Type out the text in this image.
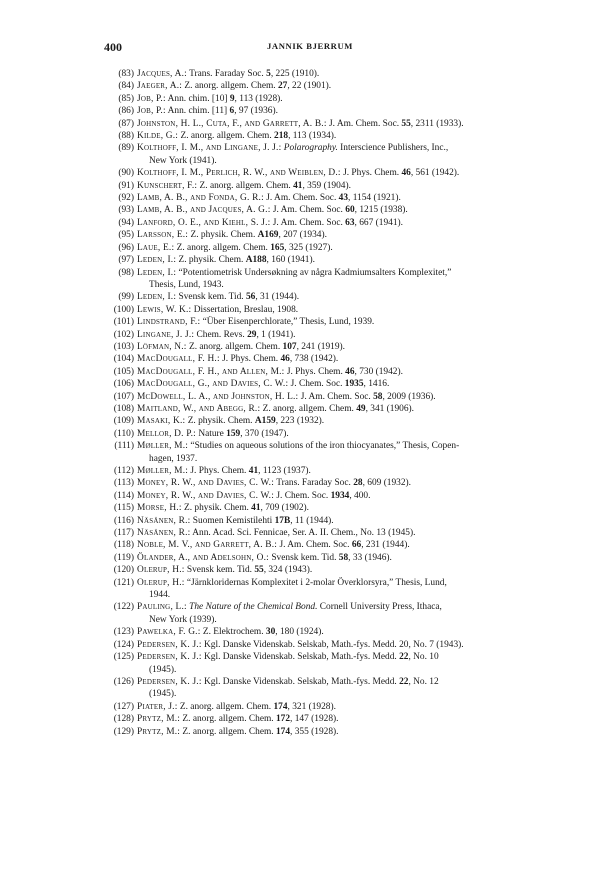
400	JANNIK BJERRUM
(83) Jacques, A.: Trans. Faraday Soc. 5, 225 (1910).
(84) Jaeger, A.: Z. anorg. allgem. Chem. 27, 22 (1901).
(85) Job, P.: Ann. chim. [10] 9, 113 (1928).
(86) Job, P.: Ann. chim. [11] 6, 97 (1936).
(87) Johnston, H. L., Cuta, F., and Garrett, A. B.: J. Am. Chem. Soc. 55, 2311 (1933).
(88) Kilde, G.: Z. anorg. allgem. Chem. 218, 113 (1934).
(89) Kolthoff, I. M., and Lingane, J. J.: Polarography. Interscience Publishers, Inc.,
New York (1941).
(90) Kolthoff, I. M., Perlich, R. W., and Weiblen, D.: J. Phys. Chem. 46, 561 (1942).
(91) Kunschert, F.: Z. anorg. allgem. Chem. 41, 359 (1904).
(92) Lamb, A. B., and Fonda, G. R.: J. Am. Chem. Soc. 43, 1154 (1921).
(93) Lamb, A. B., and Jacques, A. G.: J. Am. Chem. Soc. 60, 1215 (1938).
(94) Lanford, O. E., and Kiehl, S. J.: J. Am. Chem. Soc. 63, 667 (1941).
(95) Larsson, E.: Z. physik. Chem. A169, 207 (1934).
(96) Laue, E.: Z. anorg. allgem. Chem. 165, 325 (1927).
(97) Leden, I.: Z. physik. Chem. A188, 160 (1941).
(98) Leden, I.: “Potentiometrisk Undersøkning av några Kadmiumsalters Komplexitet,”
Thesis, Lund, 1943.
(99) Leden, I.: Svensk kem. Tid. 56, 31 (1944).
(100) Lewis, W. K.: Dissertation, Breslau, 1908.
(101) Lindstrand, F.: “Über Eisenperchlorate,” Thesis, Lund, 1939.
(102) Lingane, J. J.: Chem. Revs. 29, 1 (1941).
(103) Löfman, N.: Z. anorg. allgem. Chem. 107, 241 (1919).
(104) MacDougall, F. H.: J. Phys. Chem. 46, 738 (1942).
(105) MacDougall, F. H., and Allen, M.: J. Phys. Chem. 46, 730 (1942).
(106) MacDougall, G., and Davies, C. W.: J. Chem. Soc. 1935, 1416.
(107) McDowell, L. A., and Johnston, H. L.: J. Am. Chem. Soc. 58, 2009 (1936).
(108) Maitland, W., and Abegg, R.: Z. anorg. allgem. Chem. 49, 341 (1906).
(109) Masaki, K.: Z. physik. Chem. A159, 223 (1932).
(110) Mellor, D. P.: Nature 159, 370 (1947).
(111) Møller, M.: “Studies on aqueous solutions of the iron thiocyanates,” Thesis, Copen-
hagen, 1937.
(112) Møller, M.: J. Phys. Chem. 41, 1123 (1937).
(113) Money, R. W., and Davies, C. W.: Trans. Faraday Soc. 28, 609 (1932).
(114) Money, R. W., and Davies, C. W.: J. Chem. Soc. 1934, 400.
(115) Morse, H.: Z. physik. Chem. 41, 709 (1902).
(116) Näsänen, R.: Suomen Kemistilehti 17B, 11 (1944).
(117) Näsänen, R.: Ann. Acad. Sci. Fennicae, Ser. A. II. Chem., No. 13 (1945).
(118) Noble, M. V., and Garrett, A. B.: J. Am. Chem. Soc. 66, 231 (1944).
(119) Ölander, A., and Adelsohn, O.: Svensk kem. Tid. 58, 33 (1946).
(120) Olerup, H.: Svensk kem. Tid. 55, 324 (1943).
(121) Olerup, H.: “Järnkloridernas Komplexitet i 2-molar Överklorsyra,” Thesis, Lund,
1944.
(122) Pauling, L.: The Nature of the Chemical Bond. Cornell University Press, Ithaca,
New York (1939).
(123) Pawelka, F. G.: Z. Elektrochem. 30, 180 (1924).
(124) Pedersen, K. J.: Kgl. Danske Videnskab. Selskab, Math.-fys. Medd. 20, No. 7 (1943).
(125) Pedersen, K. J.: Kgl. Danske Videnskab. Selskab, Math.-fys. Medd. 22, No. 10
(1945).
(126) Pedersen, K. J.: Kgl. Danske Videnskab. Selskab, Math.-fys. Medd. 22, No. 12
(1945).
(127) Piater, J.: Z. anorg. allgem. Chem. 174, 321 (1928).
(128) Prytz, M.: Z. anorg. allgem. Chem. 172, 147 (1928).
(129) Prytz, M.: Z. anorg. allgem. Chem. 174, 355 (1928).
